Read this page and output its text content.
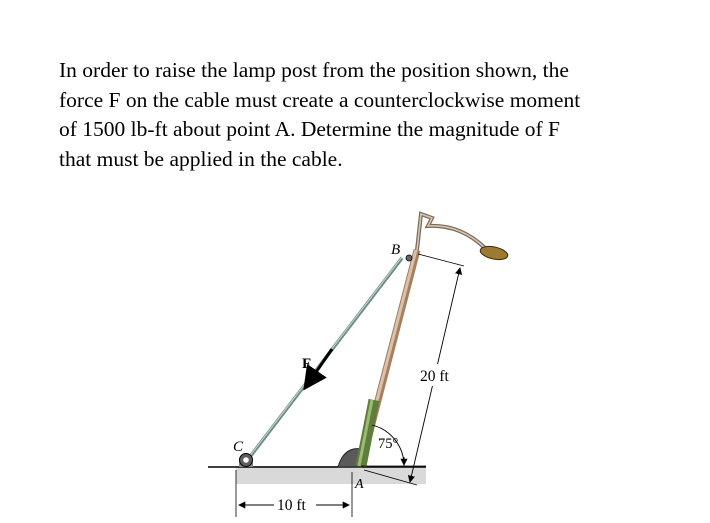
In order to raise the lamp post from the position shown, the
force F on the cable must create a counterclockwise moment
of 1500 lb-ft about point A. Determine the magnitude of F
that must be applied in the cable.

F
C
B
20 ft
75°
A
10 ft
